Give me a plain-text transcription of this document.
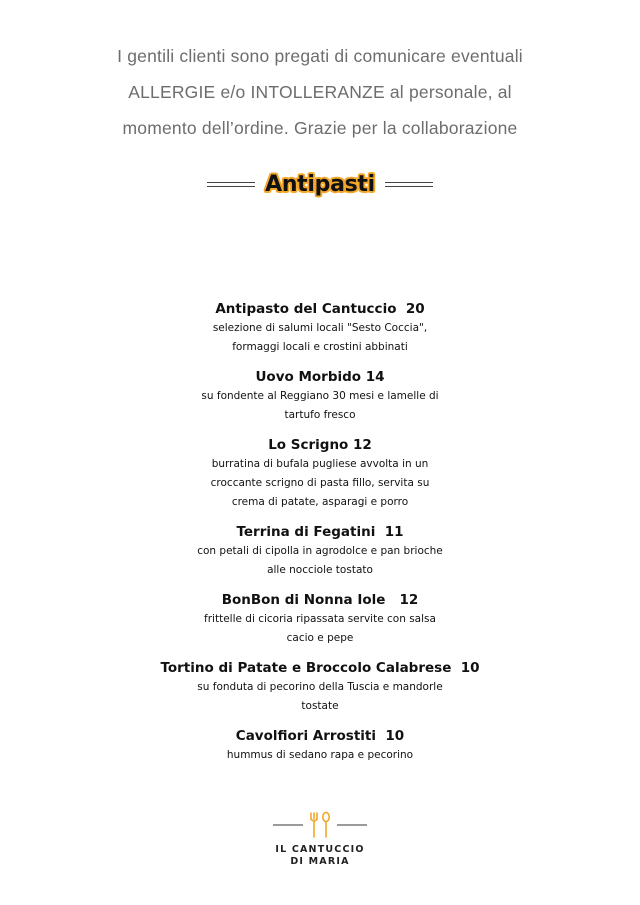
I gentili clienti sono pregati di comunicare eventuali
ALLERGIE e/o INTOLLERANZE al personale, al
momento dell’ordine. Grazie per la collaborazione
Antipasti
Antipasto del Cantuccio  20
selezione di salumi locali "Sesto Coccia",
formaggi locali e crostini abbinati
Uovo Morbido 14
su fondente al Reggiano 30 mesi e lamelle di
tartufo fresco
Lo Scrigno 12
burratina di bufala pugliese avvolta in un
croccante scrigno di pasta fillo, servita su
crema di patate, asparagi e porro
Terrina di Fegatini  11
con petali di cipolla in agrodolce e pan brioche
alle nocciole tostato
BonBon di Nonna Iole   12
frittelle di cicoria ripassata servite con salsa
cacio e pepe
Tortino di Patate e Broccolo Calabrese  10
su fonduta di pecorino della Tuscia e mandorle
tostate
Cavolfiori Arrostiti  10
hummus di sedano rapa e pecorino
IL CANTUCCIO
DI MARIA
